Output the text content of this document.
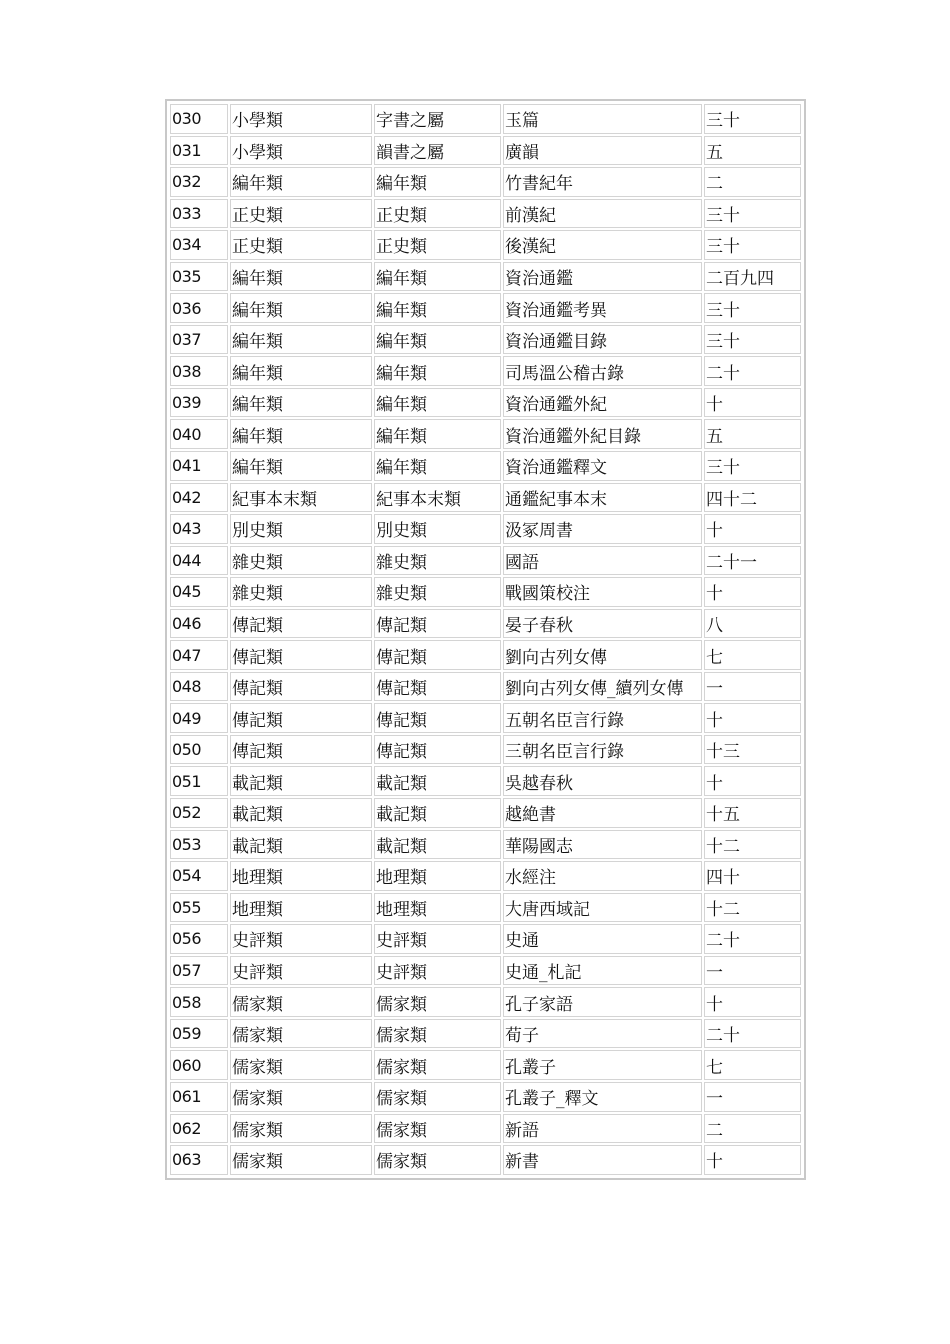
030	小學類	字書之屬	玉篇	三十
031	小學類	韻書之屬	廣韻	五
032	編年類	編年類	竹書紀年	二
033	正史類	正史類	前漢紀	三十
034	正史類	正史類	後漢紀	三十
035	編年類	編年類	資治通鑑	二百九四
036	編年類	編年類	資治通鑑考異	三十
037	編年類	編年類	資治通鑑目錄	三十
038	編年類	編年類	司馬溫公稽古錄	二十
039	編年類	編年類	資治通鑑外紀	十
040	編年類	編年類	資治通鑑外紀目錄	五
041	編年類	編年類	資治通鑑釋文	三十
042	紀事本末類	紀事本末類	通鑑紀事本末	四十二
043	別史類	別史類	汲冢周書	十
044	雜史類	雜史類	國語	二十一
045	雜史類	雜史類	戰國策校注	十
046	傳記類	傳記類	晏子春秋	八
047	傳記類	傳記類	劉向古列女傳	七
048	傳記類	傳記類	劉向古列女傳_續列女傳	一
049	傳記類	傳記類	五朝名臣言行錄	十
050	傳記類	傳記類	三朝名臣言行錄	十三
051	載記類	載記類	吳越春秋	十
052	載記類	載記類	越絶書	十五
053	載記類	載記類	華陽國志	十二
054	地理類	地理類	水經注	四十
055	地理類	地理類	大唐西域記	十二
056	史評類	史評類	史通	二十
057	史評類	史評類	史通_札記	一
058	儒家類	儒家類	孔子家語	十
059	儒家類	儒家類	荀子	二十
060	儒家類	儒家類	孔叢子	七
061	儒家類	儒家類	孔叢子_釋文	一
062	儒家類	儒家類	新語	二
063	儒家類	儒家類	新書	十
